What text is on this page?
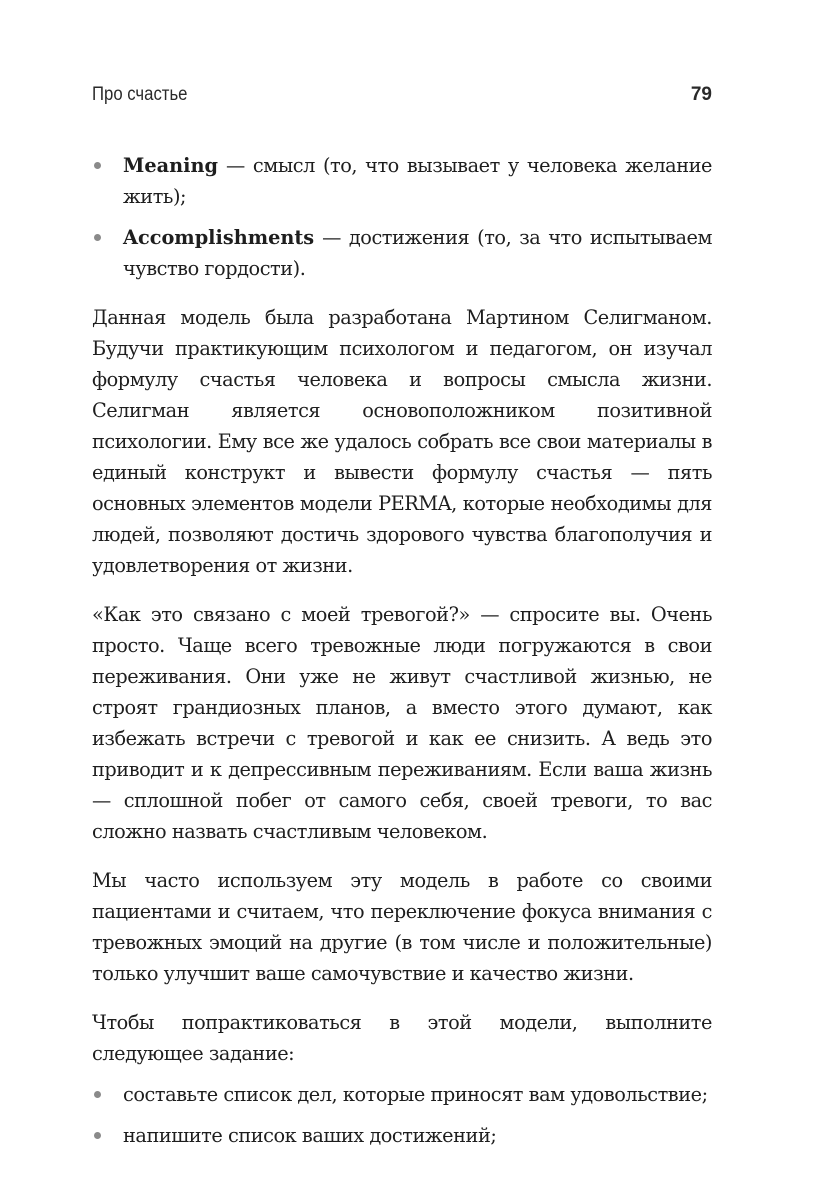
Про счастье	79
Meaning — смысл (то, что вызывает у человека желание жить);
Accomplishments — достижения (то, за что испытываем чувство гордости).

Данная модель была разработана Мартином Селигманом. Будучи практикующим психологом и педагогом, он изучал формулу счастья человека и вопросы смысла жизни. Селигман является основоположником позитивной психологии. Ему все же удалось собрать все свои материалы в единый конструкт и вывести формулу счастья — пять основных элементов модели PERMA, которые необходимы для людей, позволяют достичь здорового чувства благополучия и удовлетворения от жизни.

«Как это связано с моей тревогой?» — спросите вы. Очень просто. Чаще всего тревожные люди погружаются в свои переживания. Они уже не живут счастливой жизнью, не строят грандиозных планов, а вместо этого думают, как избежать встречи с тревогой и как ее снизить. А ведь это приводит и к депрессивным переживаниям. Если ваша жизнь — сплошной побег от самого себя, своей тревоги, то вас сложно назвать счастливым человеком.

Мы часто используем эту модель в работе со своими пациентами и считаем, что переключение фокуса внимания с тревожных эмоций на другие (в том числе и положительные) только улучшит ваше самочувствие и качество жизни.

Чтобы попрактиковаться в этой модели, выполните следующее задание:

составьте список дел, которые приносят вам удовольствие;
напишите список ваших достижений;
